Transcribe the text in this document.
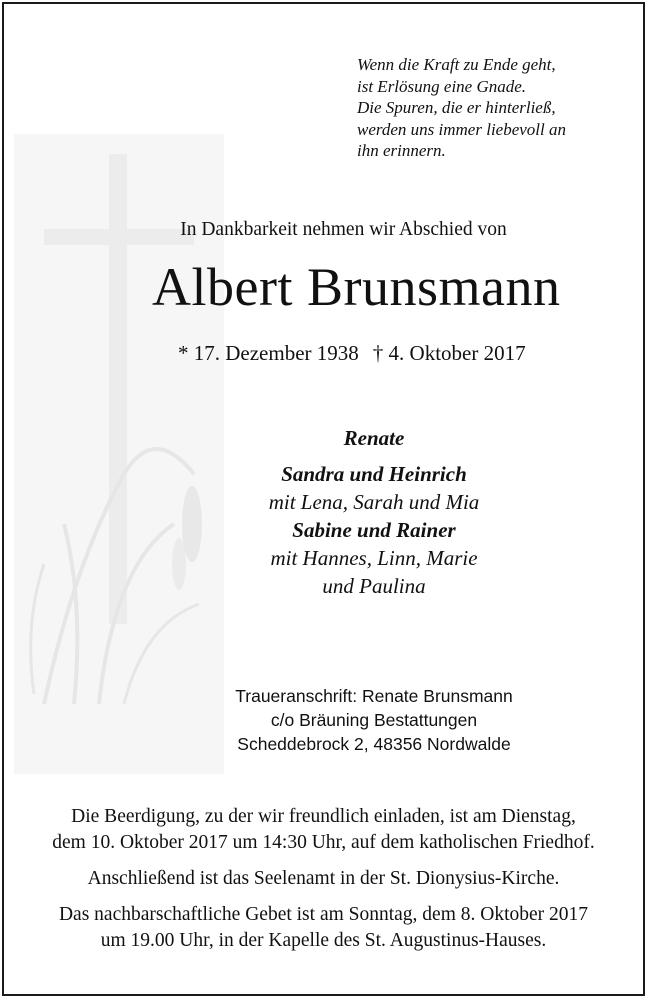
Wenn die Kraft zu Ende geht,
ist Erlösung eine Gnade.
Die Spuren, die er hinterließ,
werden uns immer liebevoll an
ihn erinnern.
In Dankbarkeit nehmen wir Abschied von
Albert Brunsmann
* 17. Dezember 1938 † 4. Oktober 2017
Renate
Sandra und Heinrich
mit Lena, Sarah und Mia
Sabine und Rainer
mit Hannes, Linn, Marie
und Paulina
Traueranschrift: Renate Brunsmann
c/o Bräuning Bestattungen
Scheddebrock 2, 48356 Nordwalde
Die Beerdigung, zu der wir freundlich einladen, ist am Dienstag,
dem 10. Oktober 2017 um 14:30 Uhr, auf dem katholischen Friedhof.
Anschließend ist das Seelenamt in der St. Dionysius-Kirche.
Das nachbarschaftliche Gebet ist am Sonntag, dem 8. Oktober 2017
um 19.00 Uhr, in der Kapelle des St. Augustinus-Hauses.
